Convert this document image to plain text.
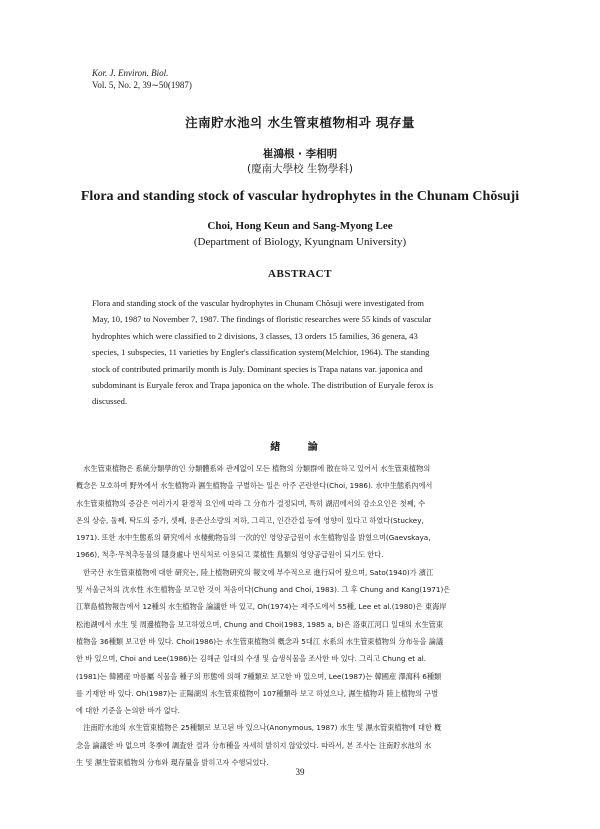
Kor. J. Environ. Biol.
Vol. 5, No. 2, 39∼50(1987)
注南貯水池의 水生管束植物相과 現存量
崔鴻根 · 李相明
(慶南大學校 生物學科)
Flora and standing stock of vascular hydrophytes in the Chunam Chŏsuji
Choi, Hong Keun and Sang-Myong Lee
(Department of Biology, Kyungnam University)
ABSTRACT

Flora and standing stock of the vascular hydrophytes in Chunam Chŏsuji were investigated from

May, 10, 1987 to November 7, 1987. The findings of floristic researches were 55 kinds of vascular

hydrophtes which were classified to 2 divisions, 3 classes, 13 orders 15 families, 36 genera, 43

species, 1 subspecies, 11 varieties by Engler's classification system(Melchior, 1964). The standing

stock of contributed primarily month is July. Dominant species is Trapa natans var. japonica and

subdominant is Euryale ferox and Trapa japonica on the whole. The distribution of Euryale ferox is

discussed.

緖 論
　水生管束植物은 系統分類學的인 分類體系와 관계없이 모든 植物의 分類群에 散在하고 있어서 水生管束植物의
槪念은 모호하며 野外에서 水生植物과 濕生植物을 구별하는 일은 아주 곤란한다(Choi, 1986). 水中生態系內에서
水生管束植物의 증감은 여러가지 환경적 요인에 따라 그 分布가 결정되며, 특히 湖沼에서의 감소요인은 첫째, 수
온의 상승, 둘째, 탁도의 증가, 셋째, 용존산소량의 저하, 그리고, 인간간섭 등에 영향이 있다고 하였다(Stuckey,
1971). 또한 水中生態系의 硏究에서 水棲動物들의 一次的인 영양공급원이 水生植物임을 밝혔으며(Gaevskaya,
1966), 척추·무척추동물의 隱身處나 번식처로 이용되고 菜植性 鳥類의 영양공급원이 되기도 한다.
　한국산 水生管束植物에 대한 硏究는, 陸上植物硏究의 報文에 부수적으로 進行되어 왔으며, Sato(1940)가 濱江
및 서울근처의 沈水性 水生植物을 보고한 것이 처음이다(Chung and Choi, 1983). 그 후 Chung and Kang(1971)은
江華島植物報告에서 12種의 水生植物을 論議한 바 있고, Oh(1974)는 제주도에서 55種, Lee et al.(1980)은 東海岸
松池湖에서 水生 및 周邊植物을 보고하였으며, Chung and Choi(1983, 1985 a, b)은 洛東江河口 일대의 水生管束
植物을 36種類 보고한 바 있다. Choi(1986)는 水生管束植物의 槪念과 5대江 水系의 水生管束植物의 分布등을 論議
한 바 있으며, Choi and Lee(1986)는 김해군 일대의 수생 및 습생식물을 조사한 바 있다. 그리고 Chung et al.
(1981)는 韓國産 마름屬 식물을 種子의 形態에 의해 7種類로 보고한 바 있으며, Lee(1987)는 韓國産 澤瀉科 6種類
를 기재한 바 있다. Oh(1987)는 正陽湖의 水生管束植物이 107種類라 보고 하였으나, 濕生植物과 陸上植物의 구별
에 대한 기준을 논의한 바가 없다.
　注南貯水池의 水生管束植物은 25種類로 보고된 바 있으나(Anonymous, 1987) 水生 및 濕水管束植物에 대한 槪
念을 論議한 바 없으며 冬季에 調査한 결과 分布種을 자세히 밝히지 않았었다. 따라서, 본 조사는 注南貯水池의 水
生 및 濕生管束植物의 分布와 現存量을 밝히고자 수행되었다.
39
